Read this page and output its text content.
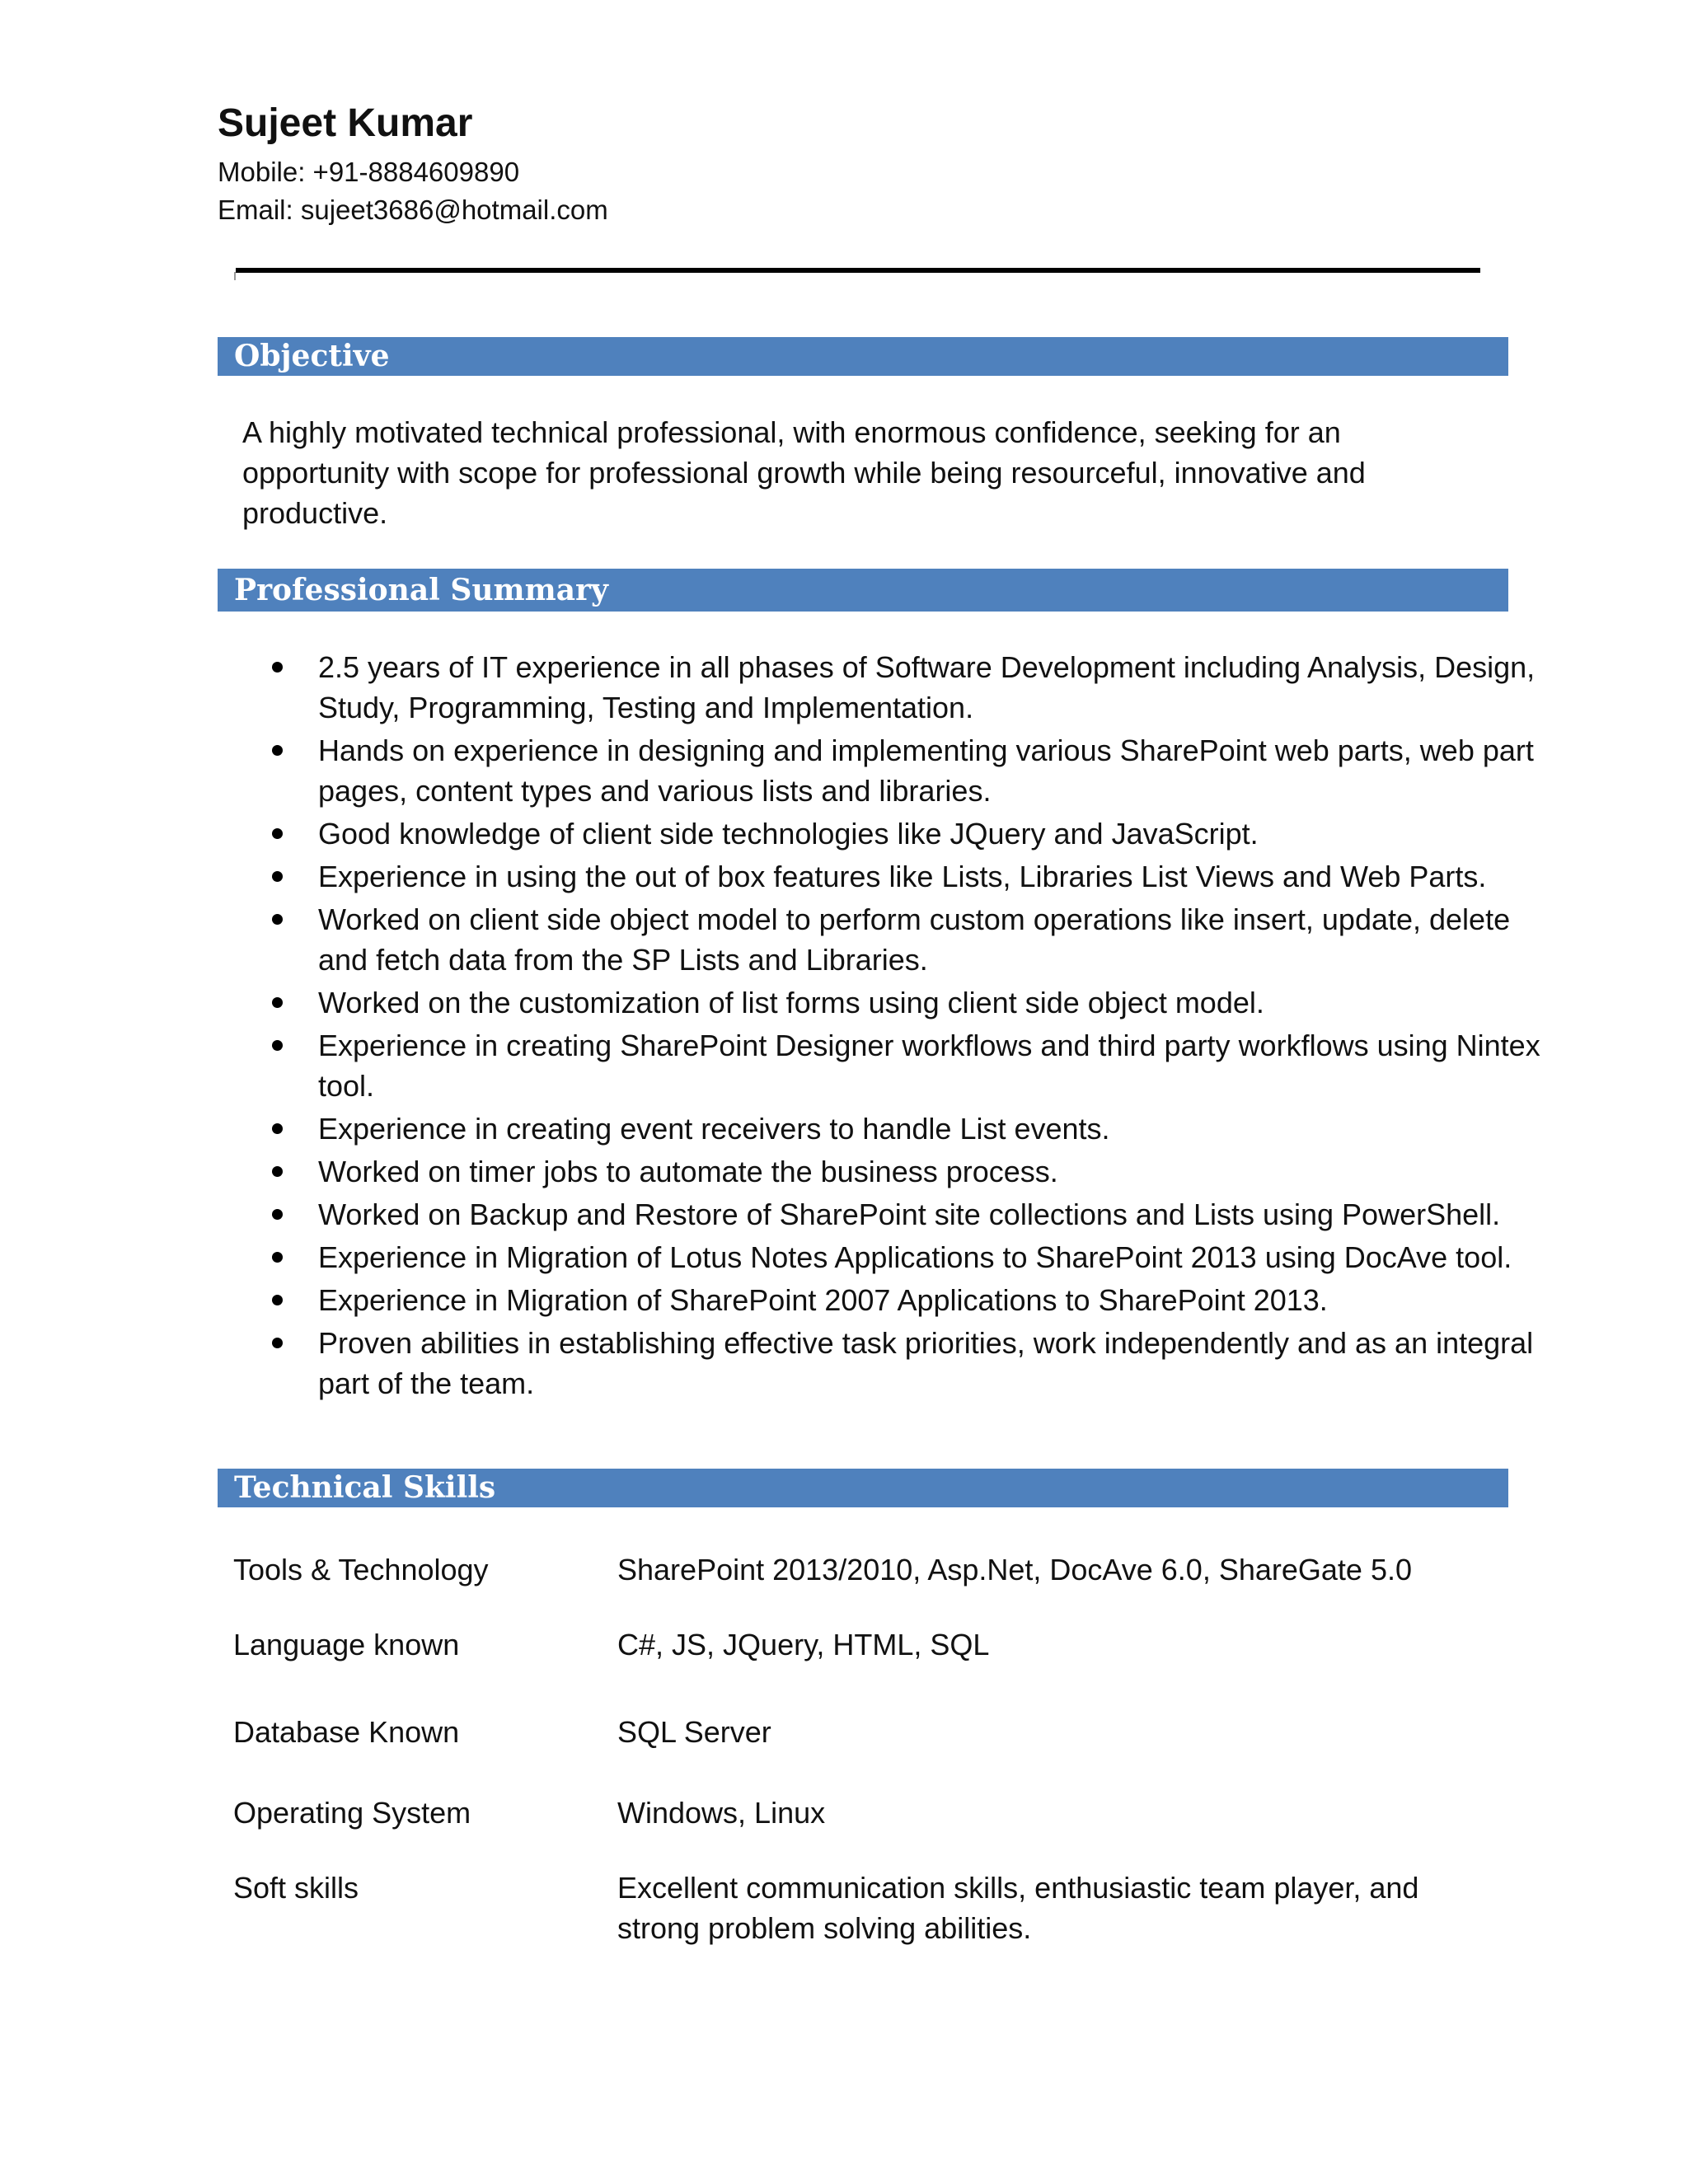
Sujeet Kumar
Mobile: +91-8884609890
Email: sujeet3686@hotmail.com
Objective
A highly motivated technical professional, with enormous confidence, seeking for an opportunity with scope for professional growth while being resourceful, innovative and productive.
Professional Summary
2.5 years of IT experience in all phases of Software Development including Analysis, Design, Study, Programming, Testing and Implementation.
Hands on experience in designing and implementing various SharePoint web parts, web part pages, content types and various lists and libraries.
Good knowledge of client side technologies like JQuery and JavaScript.
Experience in using the out of box features like Lists, Libraries List Views and Web Parts.
Worked on client side object model to perform custom operations like insert, update, delete and fetch data from the SP Lists and Libraries.
Worked on the customization of list forms using client side object model.
Experience in creating SharePoint Designer workflows and third party workflows using Nintex tool.
Experience in creating event receivers to handle List events.
Worked on timer jobs to automate the business process.
Worked on Backup and Restore of SharePoint site collections and Lists using PowerShell.
Experience in Migration of Lotus Notes Applications to SharePoint 2013 using DocAve tool.
Experience in Migration of SharePoint 2007 Applications to SharePoint 2013.
Proven abilities in establishing effective task priorities, work independently and as an integral part of the team.
Technical Skills
Tools & Technology	SharePoint 2013/2010, Asp.Net, DocAve 6.0, ShareGate 5.0
Language known	C#, JS, JQuery, HTML, SQL
Database Known	SQL Server
Operating System	Windows, Linux
Soft skills	Excellent communication skills, enthusiastic team player, and strong problem solving abilities.
